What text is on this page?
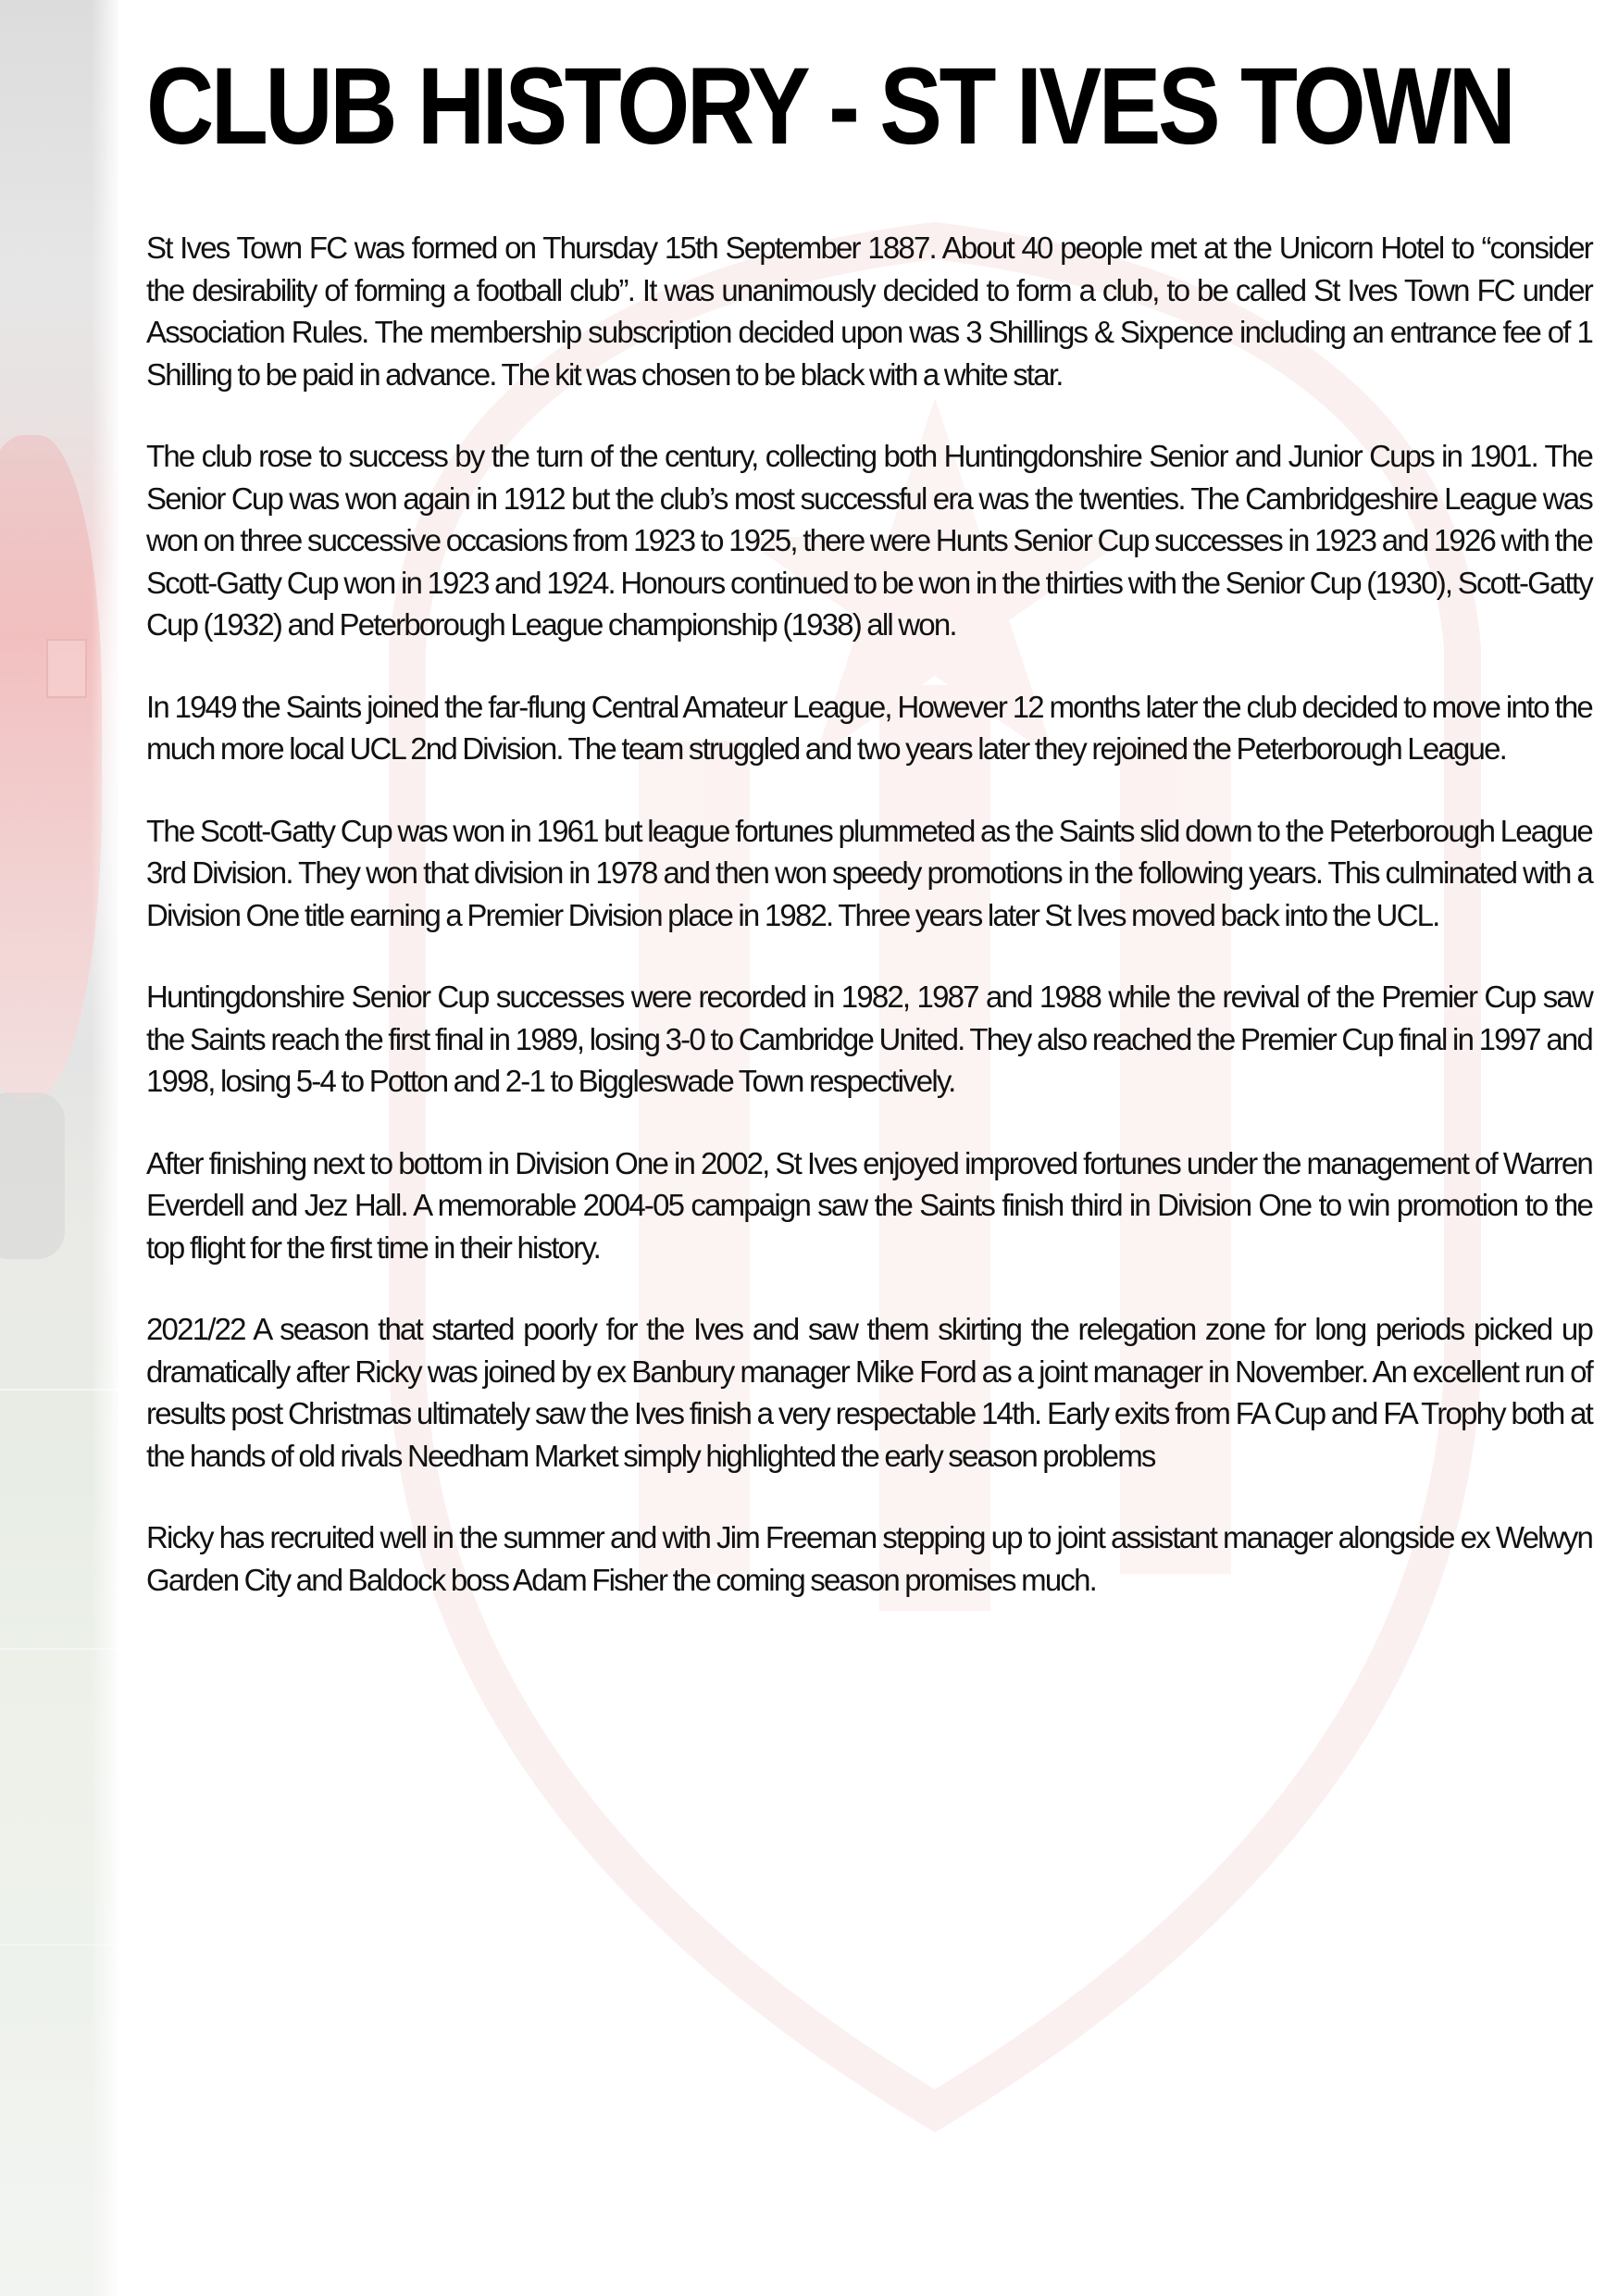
CLUB HISTORY - ST IVES TOWN

St Ives Town FC was formed on Thursday 15th September 1887. About 40 people met at the Unicorn Hotel to “consider the desirability of forming a football club”. It was unanimously decided to form a club, to be called St Ives Town FC under Association Rules. The membership subscription decided upon was 3 Shillings & Sixpence including an entrance fee of 1 Shilling to be paid in advance. The kit was chosen to be black with a white star.

The club rose to success by the turn of the century, collecting both Huntingdonshire Senior and Junior Cups in 1901. The Senior Cup was won again in 1912 but the club’s most successful era was the twenties. The Cambridgeshire League was won on three successive occasions from 1923 to 1925, there were Hunts Senior Cup successes in 1923 and 1926 with the Scott-Gatty Cup won in 1923 and 1924. Honours continued to be won in the thirties with the Senior Cup (1930), Scott-Gatty Cup (1932) and Peterborough League championship (1938) all won.

In 1949 the Saints joined the far-flung Central Amateur League, However 12 months later the club decided to move into the much more local UCL 2nd Division. The team struggled and two years later they rejoined the Peterborough League.

The Scott-Gatty Cup was won in 1961 but league fortunes plummeted as the Saints slid down to the Peterborough League 3rd Division. They won that division in 1978 and then won speedy promotions in the following years. This culminated with a Division One title earning a Premier Division place in 1982. Three years later St Ives moved back into the UCL.

Huntingdonshire Senior Cup successes were recorded in 1982, 1987 and 1988 while the revival of the Premier Cup saw the Saints reach the first final in 1989, losing 3-0 to Cambridge United. They also reached the Premier Cup final in 1997 and 1998, losing 5-4 to Potton and 2-1 to Biggleswade Town respectively.

After finishing next to bottom in Division One in 2002, St Ives enjoyed improved fortunes under the management of Warren Everdell and Jez Hall. A memorable 2004-05 campaign saw the Saints finish third in Division One to win promotion to the top flight for the first time in their history.

2021/22 A season that started poorly for the Ives and saw them skirting the relegation zone for long periods picked up dramatically after Ricky was joined by ex Banbury manager Mike Ford as a joint manager in November. An excellent run of results post Christmas ultimately saw the Ives finish a very respectable 14th. Early exits from FA Cup and FA Trophy both at the hands of old rivals Needham Market simply highlighted the early season problems

Ricky has recruited well in the summer and with Jim Freeman stepping up to joint assistant manager alongside ex Welwyn Garden City and Baldock boss Adam Fisher the coming season promises much.
